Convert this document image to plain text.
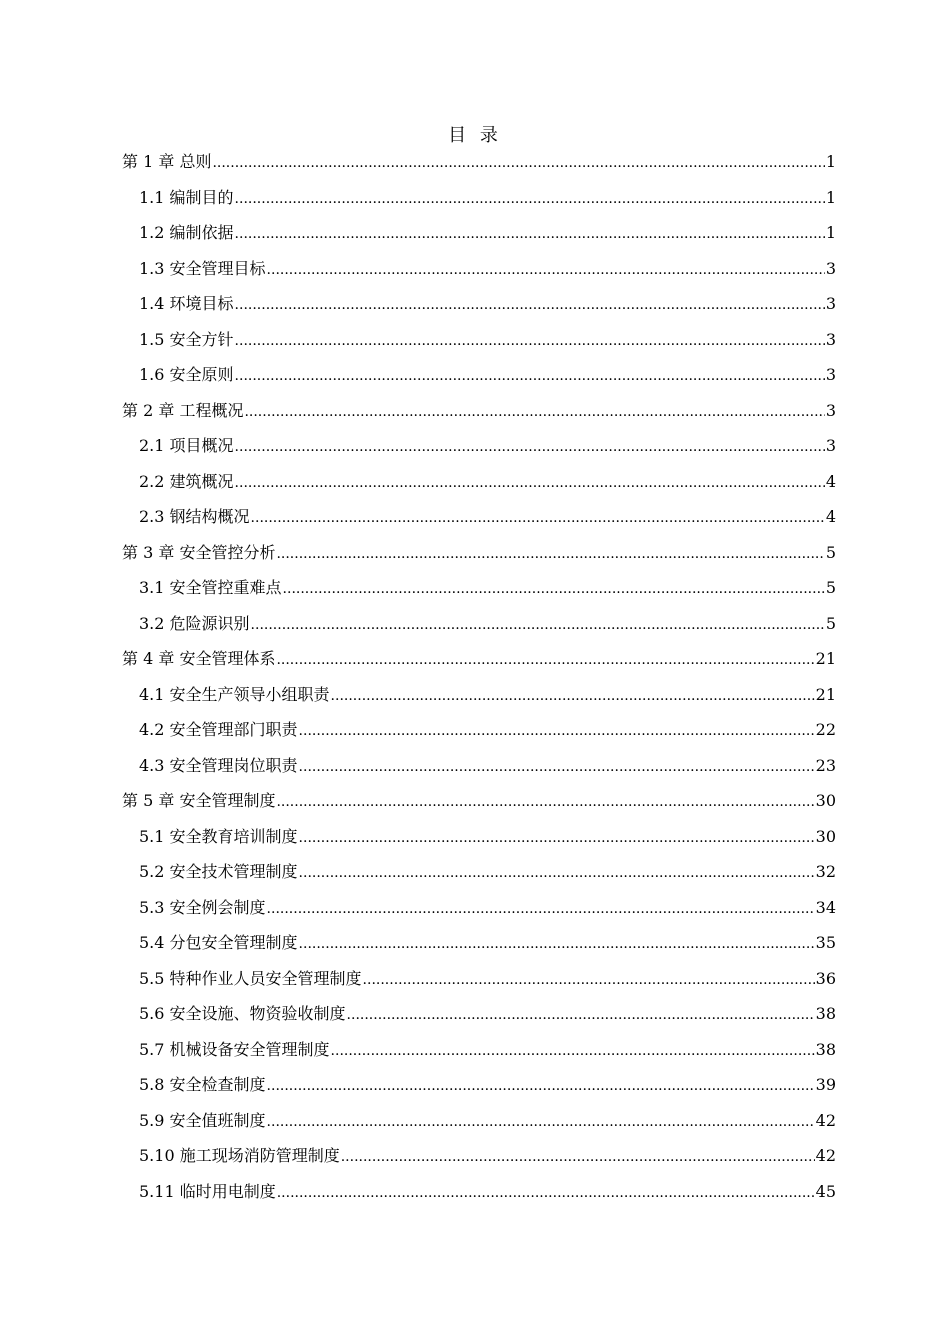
目 录
第 1 章 总则 .....	1
1.1 编制目的 .....	1
1.2 编制依据 .....	1
1.3 安全管理目标 .....	3
1.4 环境目标 .....	3
1.5 安全方针 .....	3
1.6 安全原则 .....	3
第 2 章 工程概况 .....	3
2.1 项目概况 .....	3
2.2 建筑概况 .....	4
2.3 钢结构概况 .....	4
第 3 章 安全管控分析 .....	5
3.1 安全管控重难点 .....	5
3.2 危险源识别 .....	5
第 4 章 安全管理体系 .....	21
4.1 安全生产领导小组职责 .....	21
4.2 安全管理部门职责 .....	22
4.3 安全管理岗位职责 .....	23
第 5 章 安全管理制度 .....	30
5.1 安全教育培训制度 .....	30
5.2 安全技术管理制度 .....	32
5.3 安全例会制度 .....	34
5.4 分包安全管理制度 .....	35
5.5 特种作业人员安全管理制度 .....	36
5.6 安全设施、物资验收制度 .....	38
5.7 机械设备安全管理制度 .....	38
5.8 安全检查制度 .....	39
5.9 安全值班制度 .....	42
5.10 施工现场消防管理制度 .....	42
5.11 临时用电制度 .....	45
